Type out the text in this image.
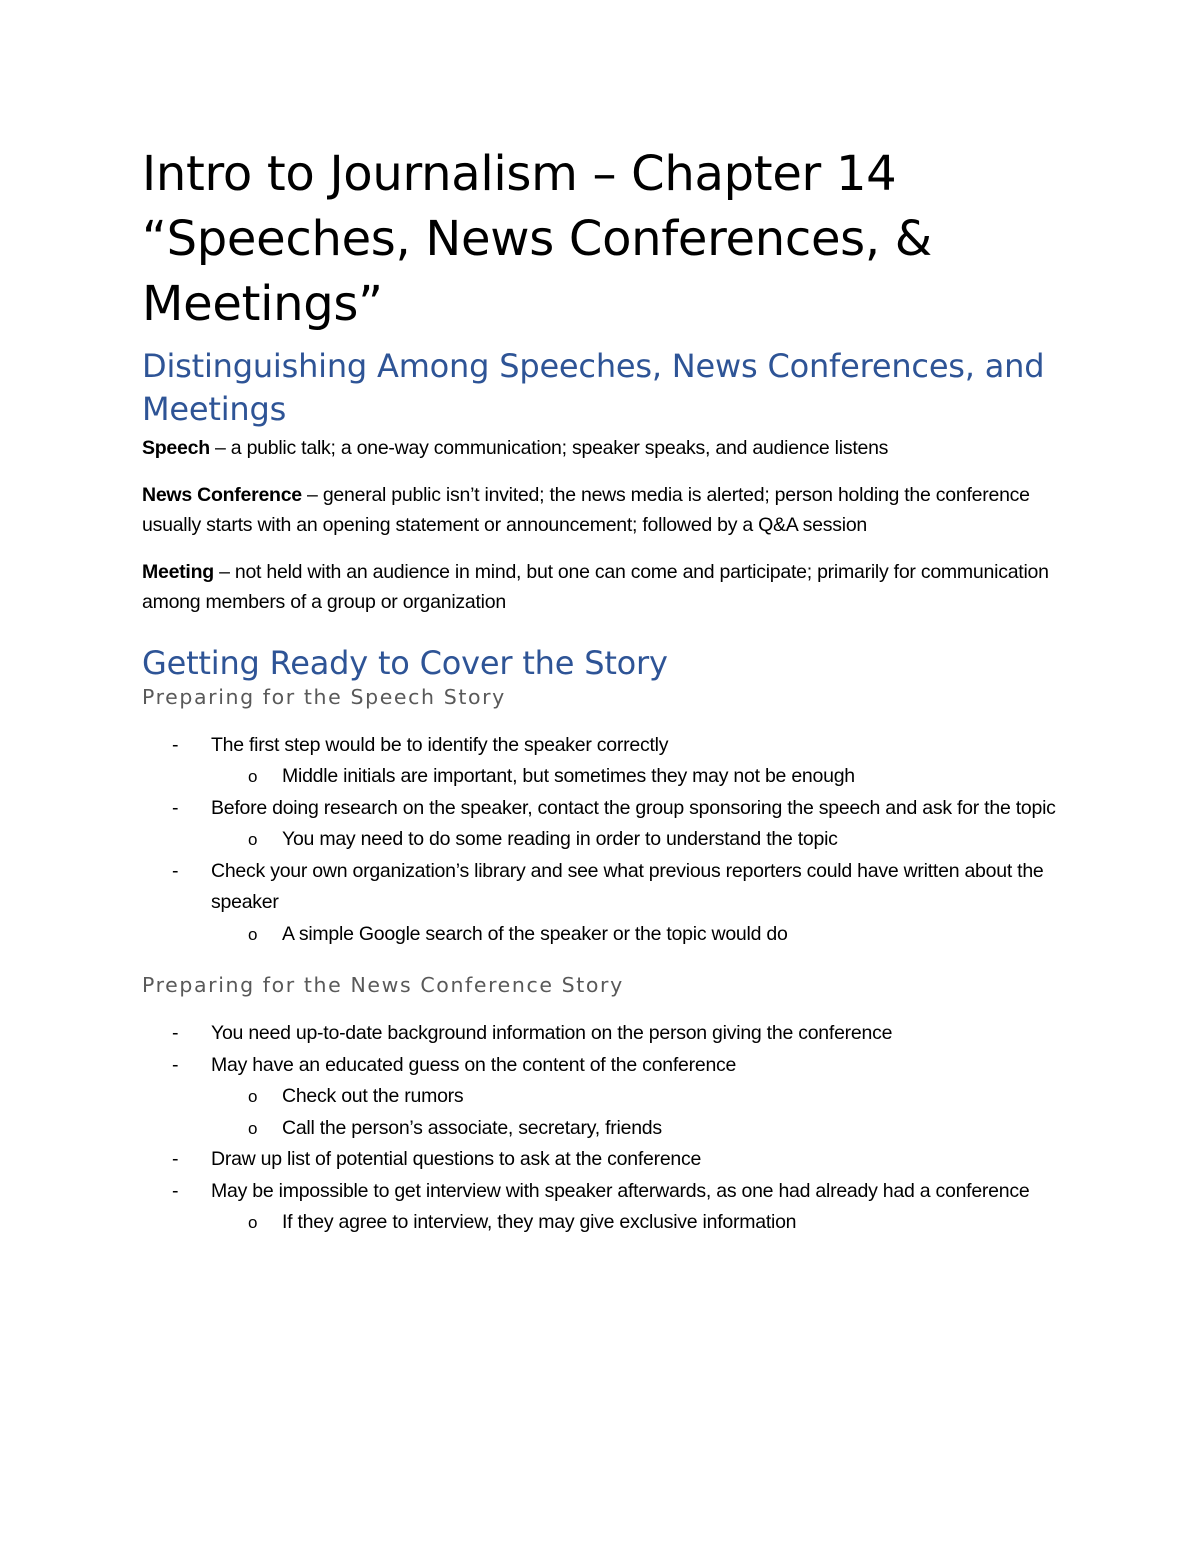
Intro to Journalism – Chapter 14 “Speeches, News Conferences, & Meetings”
Distinguishing Among Speeches, News Conferences, and Meetings

Speech – a public talk; a one-way communication; speaker speaks, and audience listens

News Conference – general public isn’t invited; the news media is alerted; person holding the conference usually starts with an opening statement or announcement; followed by a Q&A session

Meeting – not held with an audience in mind, but one can come and participate; primarily for communication among members of a group or organization

Getting Ready to Cover the Story
Preparing for the Speech Story
- The first step would be to identify the speaker correctly
o Middle initials are important, but sometimes they may not be enough
- Before doing research on the speaker, contact the group sponsoring the speech and ask for the topic
o You may need to do some reading in order to understand the topic
- Check your own organization’s library and see what previous reporters could have written about the speaker
o A simple Google search of the speaker or the topic would do
Preparing for the News Conference Story
- You need up-to-date background information on the person giving the conference
- May have an educated guess on the content of the conference
o Check out the rumors
o Call the person’s associate, secretary, friends
- Draw up list of potential questions to ask at the conference
- May be impossible to get interview with speaker afterwards, as one had already had a conference
o If they agree to interview, they may give exclusive information
